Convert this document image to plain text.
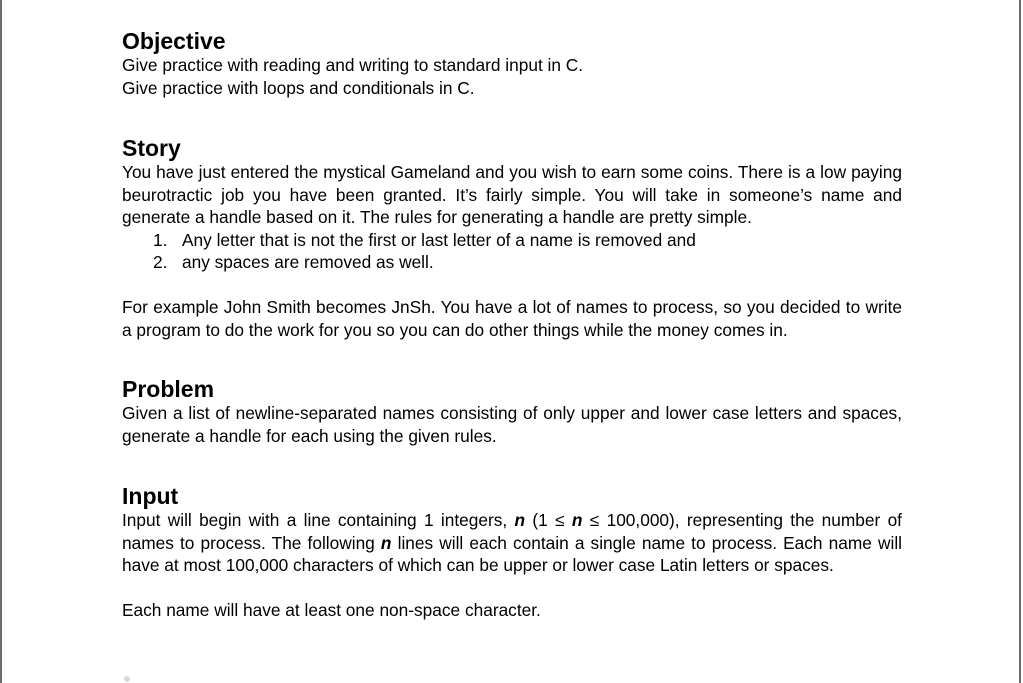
Objective

Give practice with reading and writing to standard input in C.

Give practice with loops and conditionals in C.

Story

You have just entered the mystical Gameland and you wish to earn some coins. There is a low paying beurotractic job you have been granted. It’s fairly simple. You will take in someone’s name and generate a handle based on it. The rules for generating a handle are pretty simple.

1. Any letter that is not the first or last letter of a name is removed and
2. any spaces are removed as well.

For example John Smith becomes JnSh. You have a lot of names to process, so you decided to write a program to do the work for you so you can do other things while the money comes in.

Problem

Given a list of newline-separated names consisting of only upper and lower case letters and spaces, generate a handle for each using the given rules.

Input

Input will begin with a line containing 1 integers, n (1 ≤ n ≤ 100,000), representing the number of names to process. The following n lines will each contain a single name to process. Each name will have at most 100,000 characters of which can be upper or lower case Latin letters or spaces.

Each name will have at least one non-space character.
